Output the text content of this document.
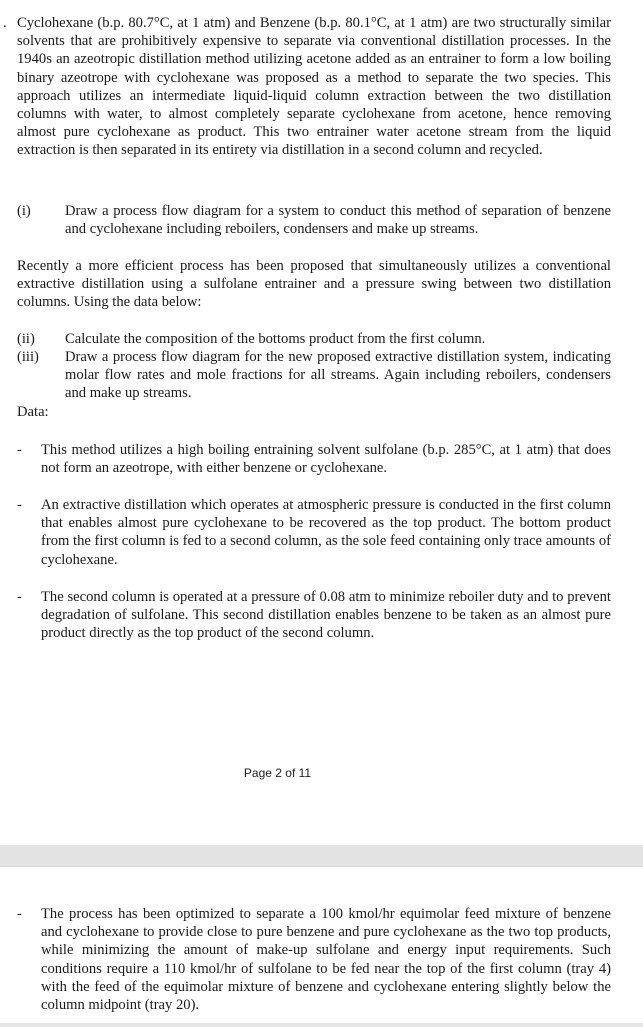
. Cyclohexane (b.p. 80.7°C, at 1 atm) and Benzene (b.p. 80.1°C, at 1 atm) are two structurally similar solvents that are prohibitively expensive to separate via conventional distillation processes. In the 1940s an azeotropic distillation method utilizing acetone added as an entrainer to form a low boiling binary azeotrope with cyclohexane was proposed as a method to separate the two species. This approach utilizes an intermediate liquid-liquid column extraction between the two distillation columns with water, to almost completely separate cyclohexane from acetone, hence removing almost pure cyclohexane as product. This two entrainer water acetone stream from the liquid extraction is then separated in its entirety via distillation in a second column and recycled.

(i) Draw a process flow diagram for a system to conduct this method of separation of benzene and cyclohexane including reboilers, condensers and make up streams.

Recently a more efficient process has been proposed that simultaneously utilizes a conventional extractive distillation using a sulfolane entrainer and a pressure swing between two distillation columns. Using the data below:

(ii) Calculate the composition of the bottoms product from the first column.
(iii) Draw a process flow diagram for the new proposed extractive distillation system, indicating molar flow rates and mole fractions for all streams. Again including reboilers, condensers and make up streams.
Data:
- This method utilizes a high boiling entraining solvent sulfolane (b.p. 285°C, at 1 atm) that does not form an azeotrope, with either benzene or cyclohexane.
- An extractive distillation which operates at atmospheric pressure is conducted in the first column that enables almost pure cyclohexane to be recovered as the top product. The bottom product from the first column is fed to a second column, as the sole feed containing only trace amounts of cyclohexane.
- The second column is operated at a pressure of 0.08 atm to minimize reboiler duty and to prevent degradation of sulfolane. This second distillation enables benzene to be taken as an almost pure product directly as the top product of the second column.
Page 2 of 11
- The process has been optimized to separate a 100 kmol/hr equimolar feed mixture of benzene and cyclohexane to provide close to pure benzene and pure cyclohexane as the two top products, while minimizing the amount of make-up sulfolane and energy input requirements. Such conditions require a 110 kmol/hr of sulfolane to be fed near the top of the first column (tray 4) with the feed of the equimolar mixture of benzene and cyclohexane entering slightly below the column midpoint (tray 20).
